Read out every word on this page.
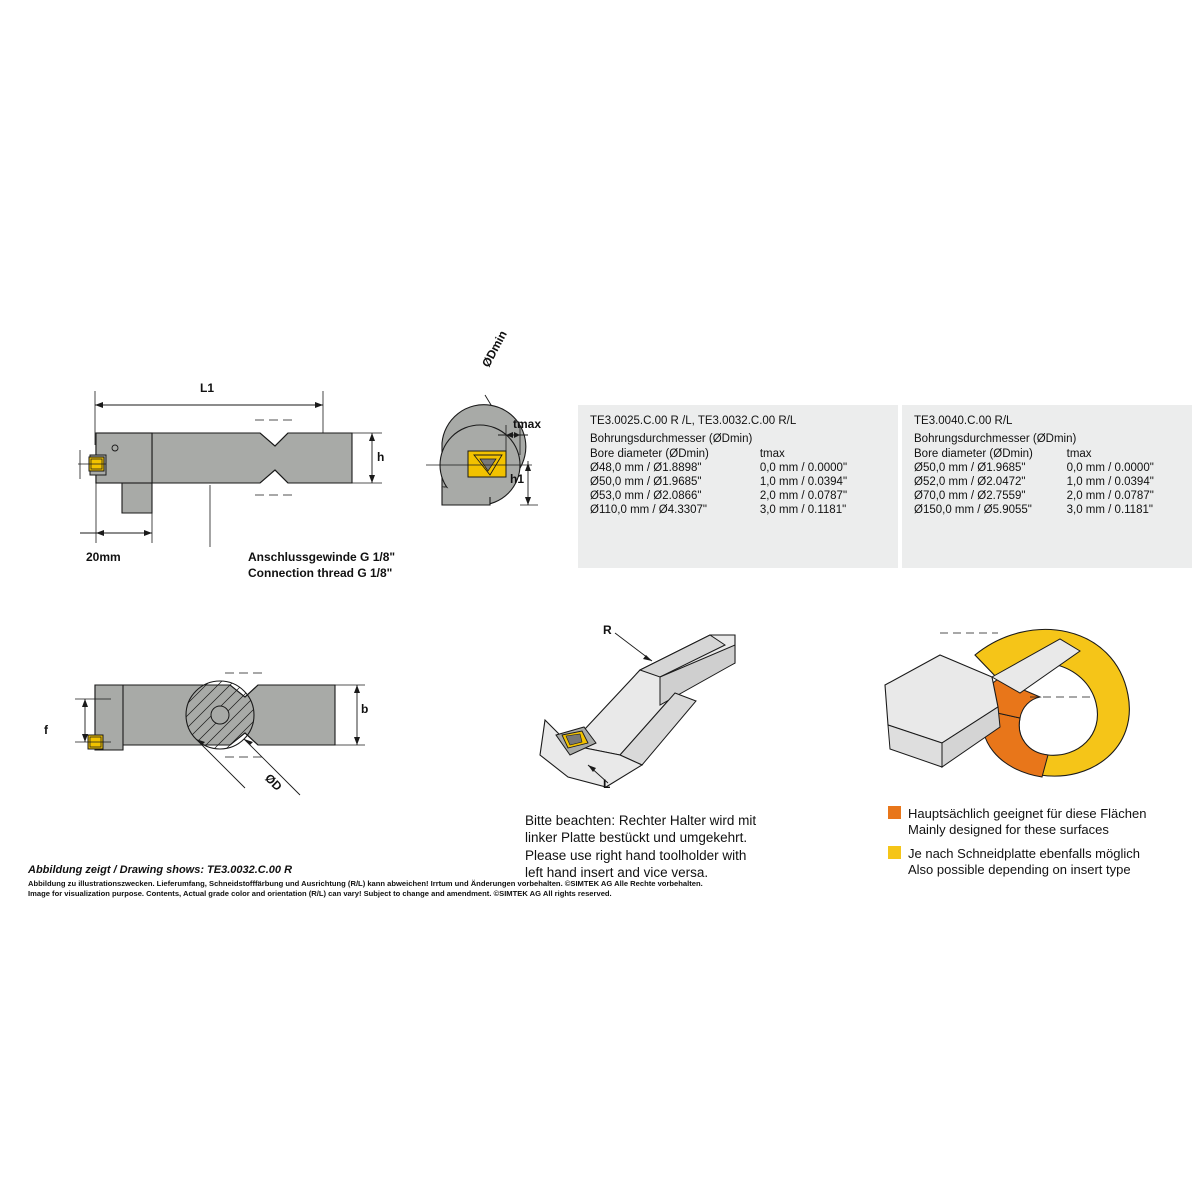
L1
h
20mm	Anschlussgewinde G 1/8"
Connection thread G 1/8"
ØDmin
tmax
h1
TE3.0025.C.00 R /L, TE3.0032.C.00 R/L
Bohrungsdurchmesser (ØDmin)
Bore diameter (ØDmin)	tmax
Ø48,0 mm / Ø1.8898"	0,0 mm / 0.0000"
Ø50,0 mm / Ø1.9685"	1,0 mm / 0.0394"
Ø53,0 mm / Ø2.0866"	2,0 mm / 0.0787"
Ø110,0 mm / Ø4.3307"	3,0 mm / 0.1181"
TE3.0040.C.00 R/L
Bohrungsdurchmesser (ØDmin)
Bore diameter (ØDmin)	tmax
Ø50,0 mm / Ø1.9685"	0,0 mm / 0.0000"
Ø52,0 mm / Ø2.0472"	1,0 mm / 0.0394"
Ø70,0 mm / Ø2.7559"	2,0 mm / 0.0787"
Ø150,0 mm / Ø5.9055"	3,0 mm / 0.1181"
f
b
ØD
R
L
Bitte beachten: Rechter Halter wird mit
linker Platte bestückt und umgekehrt.
Please use right hand toolholder with
left hand insert and vice versa.
Hauptsächlich geeignet für diese Flächen
Mainly designed for these surfaces
Je nach Schneidplatte ebenfalls möglich
Also possible depending on insert type
Abbildung zeigt / Drawing shows: TE3.0032.C.00 R
Abbildung zu illustrationszwecken. Lieferumfang, Schneidstofffärbung und Ausrichtung (R/L) kann abweichen! Irrtum und Änderungen vorbehalten. ©SIMTEK AG Alle Rechte vorbehalten.
Image for visualization purpose. Contents, Actual grade color and orientation (R/L) can vary! Subject to change and amendment. ©SIMTEK AG All rights reserved.
